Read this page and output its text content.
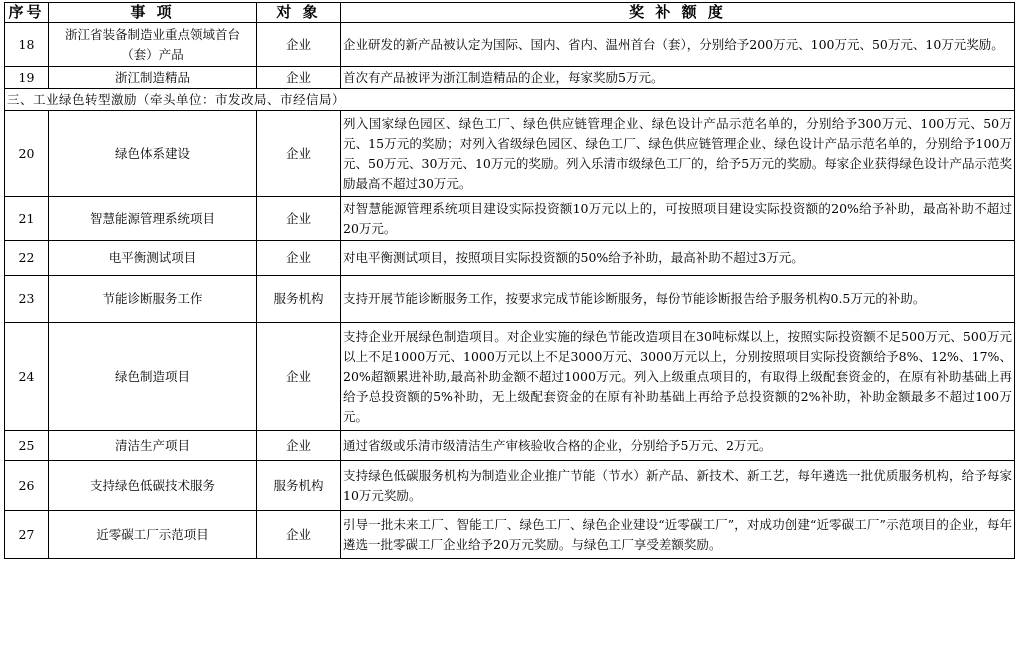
序号	事 项	对 象	奖 补 额 度
18	浙江省装备制造业重点领域首台（套）产品	企业	企业研发的新产品被认定为国际、国内、省内、温州首台（套），分别给予200万元、100万元、50万元、10万元奖励。
19	浙江制造精品	企业	首次有产品被评为浙江制造精品的企业，每家奖励5万元。
三、工业绿色转型激励（牵头单位：市发改局、市经信局）			
20	绿色体系建设	企业	列入国家绿色园区、绿色工厂、绿色供应链管理企业、绿色设计产品示范名单的，分别给予300万元、100万元、50万元、15万元的奖励；对列入省级绿色园区、绿色工厂、绿色供应链管理企业、绿色设计产品示范名单的，分别给予100万元、50万元、30万元、10万元的奖励。列入乐清市级绿色工厂的，给予5万元的奖励。每家企业获得绿色设计产品示范奖励最高不超过30万元。
21	智慧能源管理系统项目	企业	对智慧能源管理系统项目建设实际投资额10万元以上的，可按照项目建设实际投资额的20%给予补助，最高补助不超过20万元。
22	电平衡测试项目	企业	对电平衡测试项目，按照项目实际投资额的50%给予补助，最高补助不超过3万元。
23	节能诊断服务工作	服务机构	支持开展节能诊断服务工作，按要求完成节能诊断服务，每份节能诊断报告给予服务机构0.5万元的补助。
24	绿色制造项目	企业	支持企业开展绿色制造项目。对企业实施的绿色节能改造项目在30吨标煤以上，按照实际投资额不足500万元、500万元以上不足1000万元、1000万元以上不足3000万元、3000万元以上，分别按照项目实际投资额给予8%、12%、17%、20%超额累进补助,最高补助金额不超过1000万元。列入上级重点项目的，有取得上级配套资金的，在原有补助基础上再给予总投资额的5%补助，无上级配套资金的在原有补助基础上再给予总投资额的2%补助，补助金额最多不超过100万元。
25	清洁生产项目	企业	通过省级或乐清市级清洁生产审核验收合格的企业，分别给予5万元、2万元。
26	支持绿色低碳技术服务	服务机构	支持绿色低碳服务机构为制造业企业推广节能（节水）新产品、新技术、新工艺，每年遴选一批优质服务机构，给予每家10万元奖励。
27	近零碳工厂示范项目	企业	引导一批未来工厂、智能工厂、绿色工厂、绿色企业建设“近零碳工厂”，对成功创建“近零碳工厂”示范项目的企业，每年遴选一批零碳工厂企业给予20万元奖励。与绿色工厂享受差额奖励。
